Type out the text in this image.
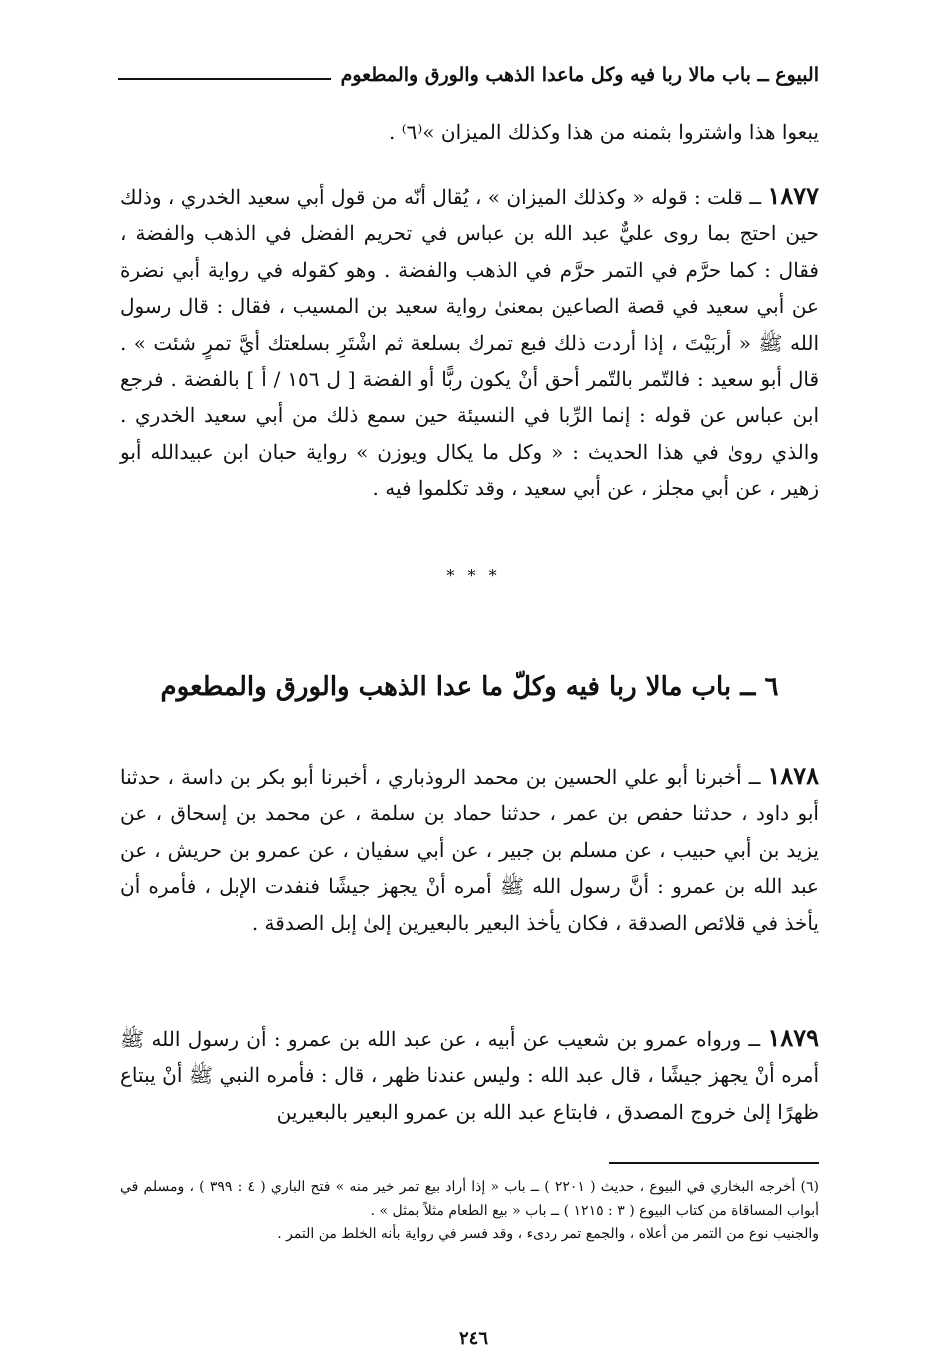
البيوع ــ باب مالا ربا فيه وكل ماعدا الذهب والورق والمطعوم

يبعوا هذا واشتروا بثمنه من هذا وكذلك الميزان »⁽٦⁾ .

١٨٧٧ ــ قلت : قوله « وكذلك الميزان » ، يُقال أنّه من قول أبي سعيد الخدري ، وذلك حين احتج بما روى عليٌّ عبد الله بن عباس في تحريم الفضل في الذهب والفضة ، فقال : كما حرَّم في التمر حرَّم في الذهب والفضة . وهو كقوله في رواية أبي نضرة عن أبي سعيد في قصة الصاعين بمعنىٰ رواية سعيد بن المسيب ، فقال : قال رسول الله ﷺ « أربَيْتَ ، إذا أردت ذلك فبع تمرك بسلعة ثم اشْتَرِ بسلعتك أيَّ تمرٍ شئت » . قال أبو سعيد : فالتّمر بالتّمر أحق أنْ يكون ربًّا أو الفضة [ ل ١٥٦ / أ ] بالفضة . فرجع ابن عباس عن قوله : إنما الرِّبا في النسيئة حين سمع ذلك من أبي سعيد الخدري . والذي روىٰ في هذا الحديث : « وكل ما يكال ويوزن » رواية حبان ابن عبيدالله أبو زهير ، عن أبي مجلز ، عن أبي سعيد ، وقد تكلموا فيه .

* * *
٦ ــ باب مالا ربا فيه وكلّ ما عدا الذهب والورق والمطعوم

١٨٧٨ ــ أخبرنا أبو علي الحسين بن محمد الروذباري ، أخبرنا أبو بكر بن داسة ، حدثنا أبو داود ، حدثنا حفص بن عمر ، حدثنا حماد بن سلمة ، عن محمد بن إسحاق ، عن يزيد بن أبي حبيب ، عن مسلم بن جبير ، عن أبي سفيان ، عن عمرو بن حريش ، عن عبد الله بن عمرو : أنَّ رسول الله ﷺ أمره أنْ يجهز جيشًا فنفدت الإبل ، فأمره أن يأخذ في قلائص الصدقة ، فكان يأخذ البعير بالبعيرين إلىٰ إبل الصدقة .

١٨٧٩ ــ ورواه عمرو بن شعيب عن أبيه ، عن عبد الله بن عمرو : أن رسول الله ﷺ أمره أنْ يجهز جيشًا ، قال عبد الله : وليس عندنا ظهر ، قال : فأمره النبي ﷺ أنْ يبتاع ظهرًا إلىٰ خروج المصدق ، فابتاع عبد الله بن عمرو البعير بالبعيرين

(٦) أخرجه البخاري في البيوع ، حديث ( ٢٢٠١ ) ــ باب « إذا أراد بيع تمر خير منه » فتح الباري ( ٤ : ٣٩٩ ) ، ومسلم في أبواب المساقاة من كتاب البيوع ( ٣ : ١٢١٥ ) ــ باب « بيع الطعام مثلاً بمثل » .

والجنيب نوع من التمر من أعلاه ، والجمع تمر ردىء ، وقد فسر في رواية بأنه الخلط من التمر .

٢٤٦
